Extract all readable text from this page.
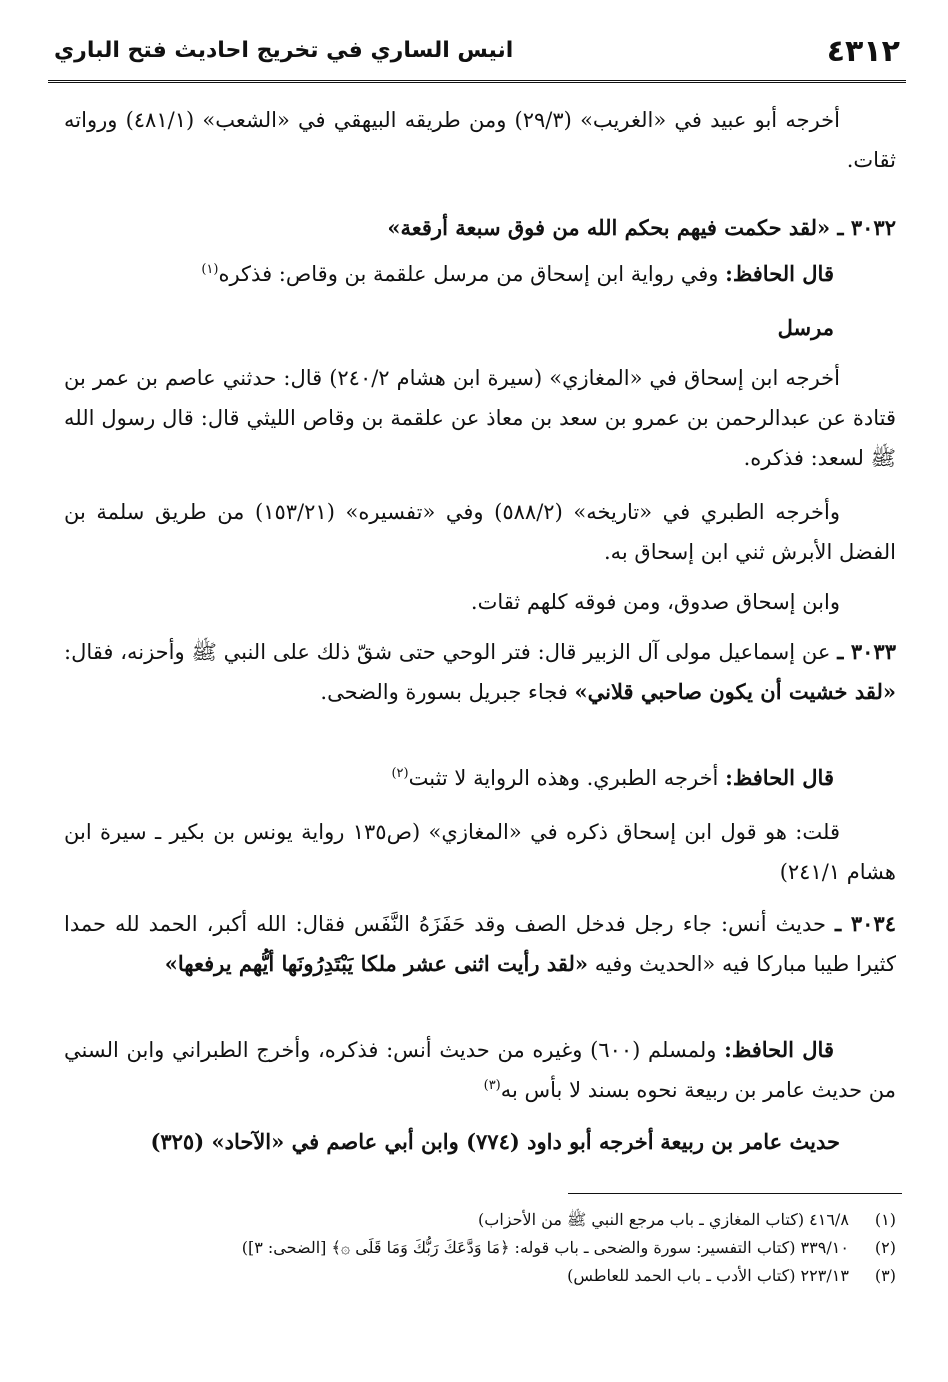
٤٣١٢
انيس الساري في تخريج احاديث فتح الباري
أخرجه أبو عبيد في «الغريب» (٢٩/٣) ومن طريقه البيهقي في «الشعب» (٤٨١/١) ورواته ثقات.
٣٠٣٢ ـ «لقد حكمت فيهم بحكم الله من فوق سبعة أرقعة»
قال الحافظ: وفي رواية ابن إسحاق من مرسل علقمة بن وقاص: فذكره$^{(١)}$
مرسل
أخرجه ابن إسحاق في «المغازي» (سيرة ابن هشام ٢٤٠/٢) قال: حدثني عاصم بن عمر بن قتادة عن عبدالرحمن بن عمرو بن سعد بن معاذ عن علقمة بن وقاص الليثي قال: قال رسول الله ﷺ لسعد: فذكره.
وأخرجه الطبري في «تاريخه» (٥٨٨/٢) وفي «تفسيره» (١٥٣/٢١) من طريق سلمة بن الفضل الأبرش ثني ابن إسحاق به.
وابن إسحاق صدوق، ومن فوقه كلهم ثقات.
٣٠٣٣ ـ عن إسماعيل مولى آل الزبير قال: فتر الوحي حتى شقّ ذلك على النبي ﷺ وأحزنه، فقال: «لقد خشيت أن يكون صاحبي قلاني» فجاء جبريل بسورة والضحى.
قال الحافظ: أخرجه الطبري. وهذه الرواية لا تثبت$^{(٢)}$
قلت: هو قول ابن إسحاق ذكره في «المغازي» (ص١٣٥ رواية يونس بن بكير ـ سيرة ابن هشام ٢٤١/١)
٣٠٣٤ ـ حديث أنس: جاء رجل فدخل الصف وقد حَفَزَهُ النَّفَس فقال: الله أكبر، الحمد لله حمدا كثيرا طيبا مباركا فيه «الحديث وفيه «لقد رأيت اثنى عشر ملكا يَبْتَدِرُونَها أيُّهم يرفعها»
قال الحافظ: ولمسلم (٦٠٠) وغيره من حديث أنس: فذكره، وأخرج الطبراني وابن السني من حديث عامر بن ربيعة نحوه بسند لا بأس به$^{(٣)}$
حديث عامر بن ربيعة أخرجه أبو داود (٧٧٤) وابن أبي عاصم في «الآحاد» (٣٢٥)
(١) ٤١٦/٨ (كتاب المغازي ـ باب مرجع النبي ﷺ من الأحزاب)
(٢) ٣٣٩/١٠ (كتاب التفسير: سورة والضحى ـ باب قوله: ﴿مَا وَدَّعَكَ رَبُّكَ وَمَا قَلَى ۞﴾ [الضحى: ٣])
(٣) ٢٢٣/١٣ (كتاب الأدب ـ باب الحمد للعاطس)
